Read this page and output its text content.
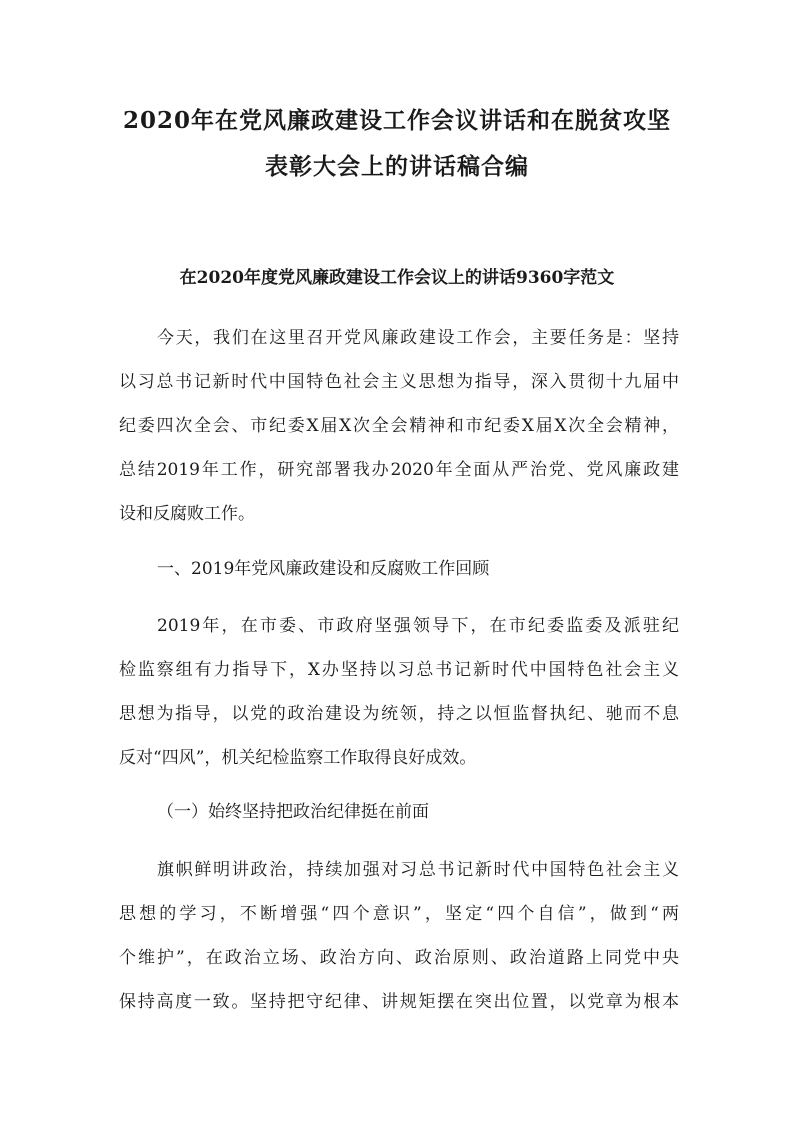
2020年在党风廉政建设工作会议讲话和在脱贫攻坚
表彰大会上的讲话稿合编
在2020年度党风廉政建设工作会议上的讲话9360字范文
今天，我们在这里召开党风廉政建设工作会，主要任务是：坚持
以习总书记新时代中国特色社会主义思想为指导，深入贯彻十九届中
纪委四次全会、市纪委X届X次全会精神和市纪委X届X次全会精神，
总结2019年工作，研究部署我办2020年全面从严治党、党风廉政建
设和反腐败工作。
一、2019年党风廉政建设和反腐败工作回顾
2019年，在市委、市政府坚强领导下，在市纪委监委及派驻纪
检监察组有力指导下，X办坚持以习总书记新时代中国特色社会主义
思想为指导，以党的政治建设为统领，持之以恒监督执纪、驰而不息
反对“四风”，机关纪检监察工作取得良好成效。
（一）始终坚持把政治纪律挺在前面
旗帜鲜明讲政治，持续加强对习总书记新时代中国特色社会主义
思想的学习，不断增强“四个意识”，坚定“四个自信”，做到“两
个维护”，在政治立场、政治方向、政治原则、政治道路上同党中央
保持高度一致。坚持把守纪律、讲规矩摆在突出位置，以党章为根本
